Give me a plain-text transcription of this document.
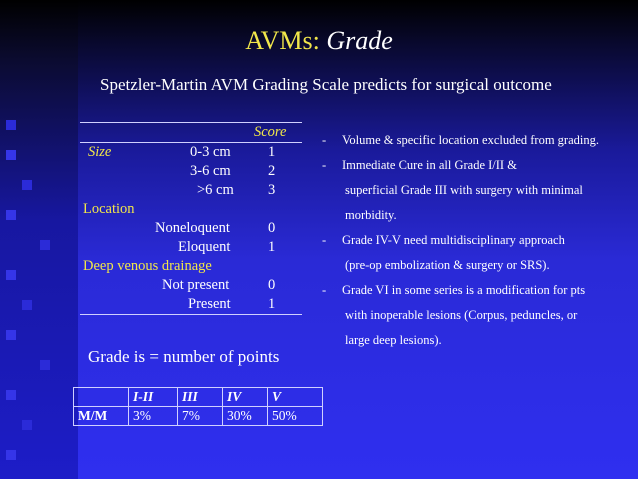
AVMs: Grade
Spetzler-Martin AVM Grading Scale predicts for surgical outcome
Score
Size	0-3 cm	1
3-6 cm	2
>6 cm 3
Location
Noneloquent	0
Eloquent	1
Deep venous drainage
Not present	0
Present	1
Grade is = number of points
	I-II	III	IV	V
M/M	3%	7%	30%	50%
- Volume & specific location excluded from grading.
- Immediate Cure in all Grade I/II &
superficial Grade III with surgery with minimal
morbidity.
- Grade IV-V need multidisciplinary approach
(pre-op embolization & surgery or SRS).
- Grade VI in some series is a modification for pts
with inoperable lesions (Corpus, peduncles, or
large deep lesions).
